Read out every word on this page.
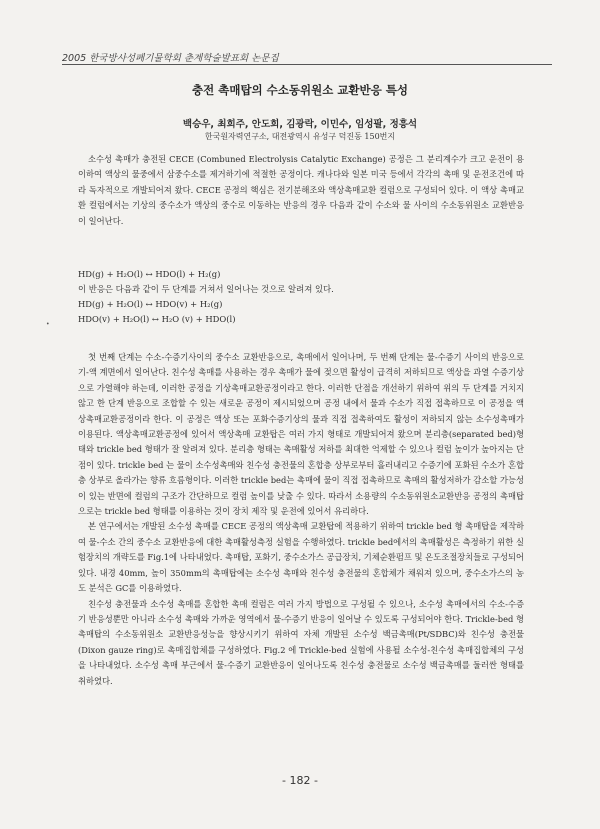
2005 한국방사성폐기물학회 춘계학술발표회 논문집
충전 촉매탑의 수소동위원소 교환반응 특성
백승우, 최희주, 안도희, 김광락, 이민수, 임성팔, 정흥석
한국원자력연구소, 대전광역시 유성구 덕진동 150번지

소수성 촉매가 충전된 CECE (Combuned Electrolysis Catalytic Exchange) 공정은 그 분리계수가 크고 운전이 용이하여 액상의 물중에서 삼중수소를 제거하기에 적절한 공정이다. 캐나다와 일본 미국 등에서 각각의 촉매 및 운전조건에 따라 독자적으로 개발되어져 왔다. CECE 공정의 핵심은 전기분해조와 액상촉매교환 컬럼으로 구성되어 있다. 이 액상 촉매교환 컬럼에서는 기상의 중수소가 액상의 중수로 이동하는 반응의 경우 다음과 같이 수소와 물 사이의 수소동위원소 교환반응이 일어난다.

HD(g) + H₂O(l) ↔ HDO(l) + H₂(g)
이 반응은 다음과 같이 두 단계를 거쳐서 일어나는 것으로 알려져 있다.
HD(g) + H₂O(l) ↔ HDO(v) + H₂(g)
HDO(v) + H₂O(l) ↔ H₂O (v) + HDO(l)
•

첫 번째 단계는 수소-수증기사이의 중수소 교환반응으로, 촉매에서 일어나며, 두 번째 단계는 물-수증기 사이의 반응으로 기-액 계면에서 일어난다. 친수성 촉매를 사용하는 경우 촉매가 물에 젖으면 활성이 급격히 저하되므로 액상을 과열 수증기상으로 가열해야 하는데, 이러한 공정을 기상촉매교환공정이라고 한다. 이러한 단점을 개선하기 위하여 위의 두 단계를 거치지 않고 한 단계 반응으로 조합할 수 있는 새로운 공정이 제시되었으며 공정 내에서 물과 수소가 직접 접촉하므로 이 공정을 액상촉매교환공정이라 한다. 이 공정은 액상 또는 포화수증기상의 물과 직접 접촉하여도 활성이 저하되지 않는 소수성촉매가 이용된다. 액상촉매교환공정에 있어서 액상촉매 교환탑은 여러 가지 형태로 개발되어져 왔으며 분리층(separated bed)형태와 trickle bed 형태가 잘 알려져 있다. 분리층 형태는 촉매활성 저하를 최대한 억제할 수 있으나 컬럼 높이가 높아지는 단점이 있다. trickle bed 는 물이 소수성촉매와 친수성 충전물의 혼합층 상부로부터 흘러내리고 수증기에 포화된 수소가 혼합층 상부로 올라가는 향류 흐름형이다. 이러한 trickle bed는 촉매에 물이 직접 접촉하므로 촉매의 활성저하가 감소할 가능성이 있는 반면에 컬럼의 구조가 간단하므로 컬럼 높이를 낮출 수 있다. 따라서 소용량의 수소동위원소교환반응 공정의 촉매탑으로는 trickle bed 형태를 이용하는 것이 장치 제작 및 운전에 있어서 유리하다.

본 연구에서는 개발된 소수성 촉매를 CECE 공정의 액상촉매 교환탑에 적용하기 위하여 trickle bed 형 촉매탑을 제작하여 물-수소 간의 중수소 교환반응에 대한 촉매활성측정 실험을 수행하였다. trickle bed에서의 촉매활성은 측정하기 위한 실험장치의 개략도를 Fig.1에 나타내었다. 촉매탑, 포화기, 중수소가스 공급장치, 기체순환펌프 및 온도조절장치들로 구성되어 있다. 내경 40mm, 높이 350mm의 촉매탑에는 소수성 촉매와 친수성 충전물의 혼합체가 채워져 있으며, 중수소가스의 농도 분석은 GC를 이용하였다.

친수성 충전물과 소수성 촉매를 혼합한 촉매 컬럼은 여러 가지 방법으로 구성될 수 있으나, 소수성 촉매에서의 수소-수증기 반응성뿐만 아니라 소수성 촉매와 가까운 영역에서 물-수증기 반응이 일어날 수 있도록 구성되어야 한다. Trickle-bed 형 촉매탑의 수소동위원소 교환반응성능을 향상시키기 위하여 자체 개발된 소수성 백금촉매(Pt/SDBC)와 친수성 충전물(Dixon gauze ring)로 촉매집합체를 구성하였다. Fig.2 에 Trickle-bed 실험에 사용될 소수성-친수성 촉매집합체의 구성을 나타내었다. 소수성 촉매 부근에서 물-수증기 교환반응이 일어나도록 친수성 충전물로 소수성 백금촉매를 둘러싼 형태를 취하였다.

- 182 -
